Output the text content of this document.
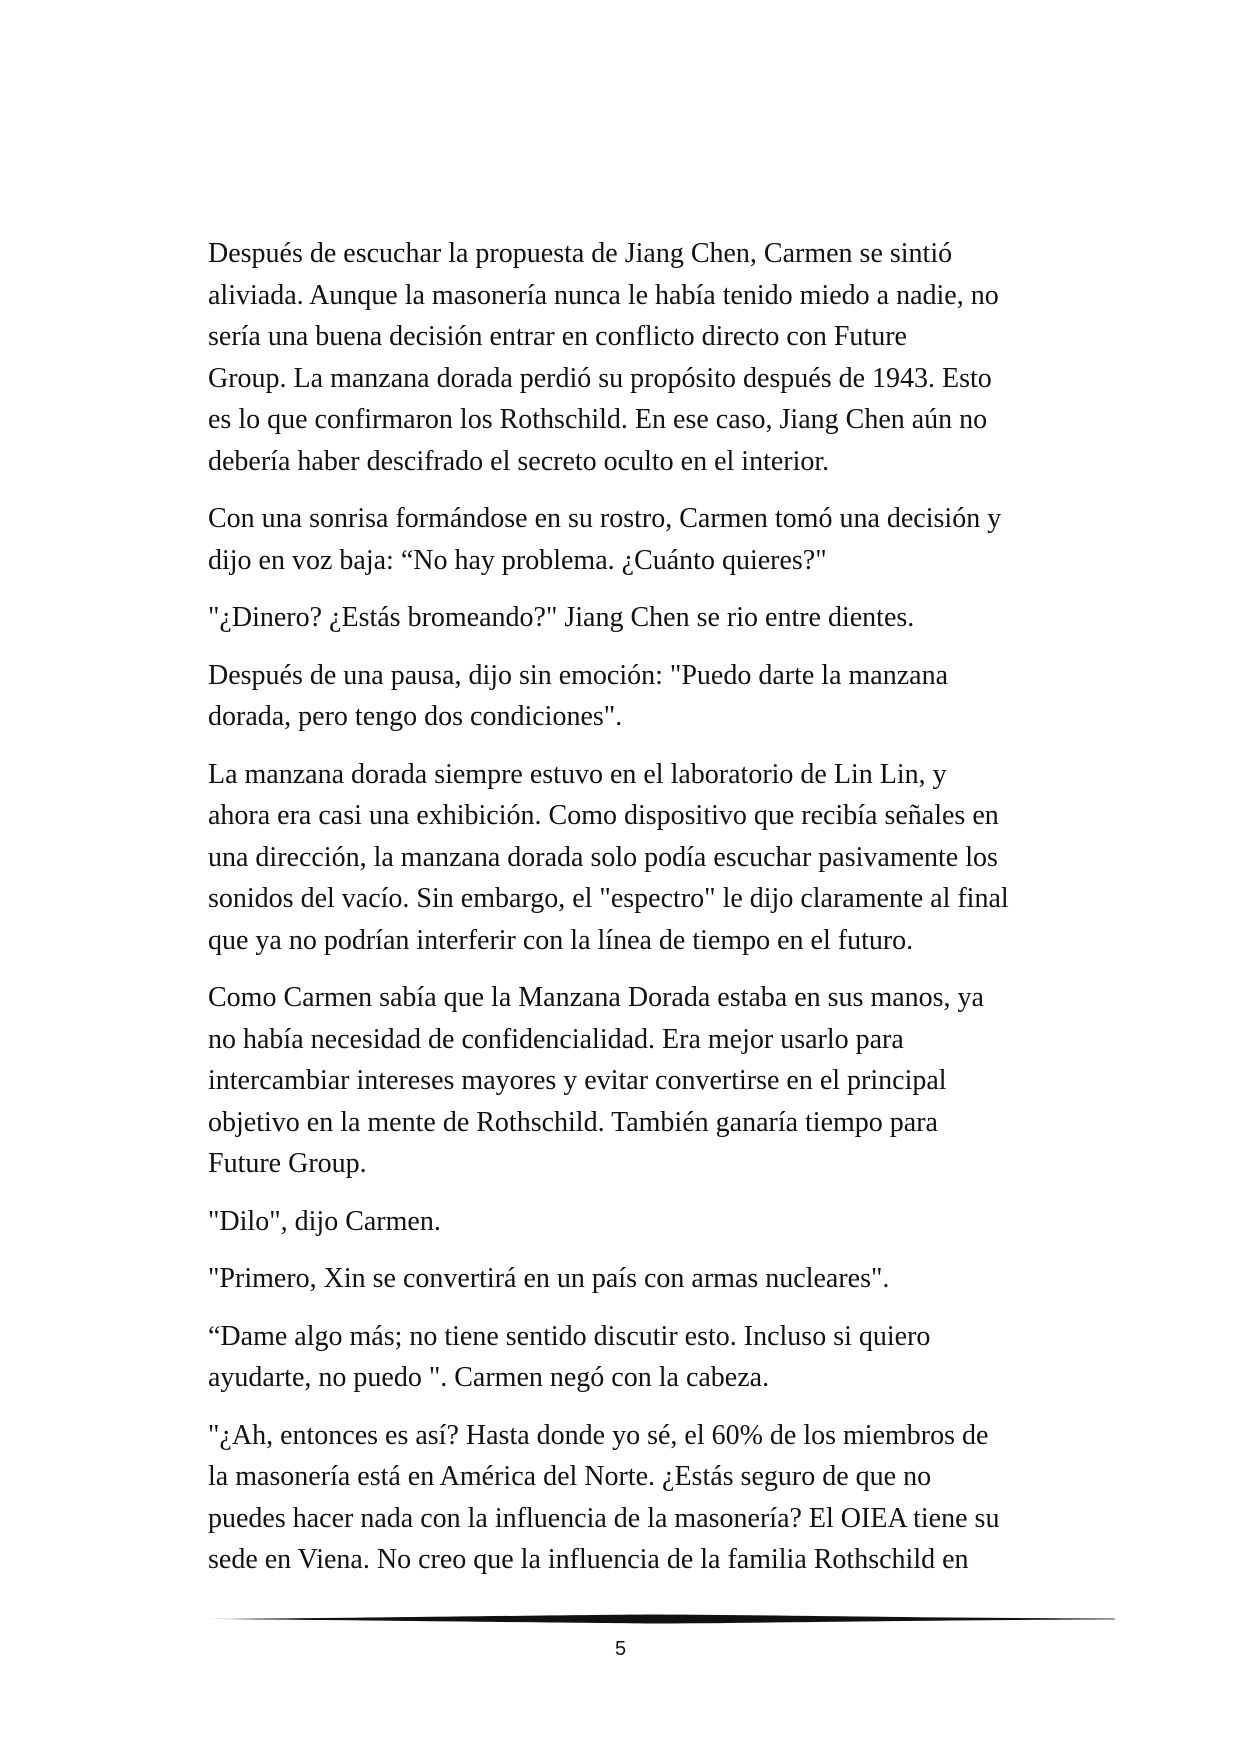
Después de escuchar la propuesta de Jiang Chen, Carmen se sintió
aliviada. Aunque la masonería nunca le había tenido miedo a nadie, no
sería una buena decisión entrar en conflicto directo con Future
Group. La manzana dorada perdió su propósito después de 1943. Esto
es lo que confirmaron los Rothschild. En ese caso, Jiang Chen aún no
debería haber descifrado el secreto oculto en el interior.

Con una sonrisa formándose en su rostro, Carmen tomó una decisión y
dijo en voz baja: “No hay problema. ¿Cuánto quieres?"

"¿Dinero? ¿Estás bromeando?" Jiang Chen se rio entre dientes.

Después de una pausa, dijo sin emoción: "Puedo darte la manzana
dorada, pero tengo dos condiciones".

La manzana dorada siempre estuvo en el laboratorio de Lin Lin, y
ahora era casi una exhibición. Como dispositivo que recibía señales en
una dirección, la manzana dorada solo podía escuchar pasivamente los
sonidos del vacío. Sin embargo, el "espectro" le dijo claramente al final
que ya no podrían interferir con la línea de tiempo en el futuro.

Como Carmen sabía que la Manzana Dorada estaba en sus manos, ya
no había necesidad de confidencialidad. Era mejor usarlo para
intercambiar intereses mayores y evitar convertirse en el principal
objetivo en la mente de Rothschild. También ganaría tiempo para
Future Group.

"Dilo", dijo Carmen.

"Primero, Xin se convertirá en un país con armas nucleares".

“Dame algo más; no tiene sentido discutir esto. Incluso si quiero
ayudarte, no puedo ". Carmen negó con la cabeza.

"¿Ah, entonces es así? Hasta donde yo sé, el 60% de los miembros de
la masonería está en América del Norte. ¿Estás seguro de que no
puedes hacer nada con la influencia de la masonería? El OIEA tiene su
sede en Viena. No creo que la influencia de la familia Rothschild en

5
